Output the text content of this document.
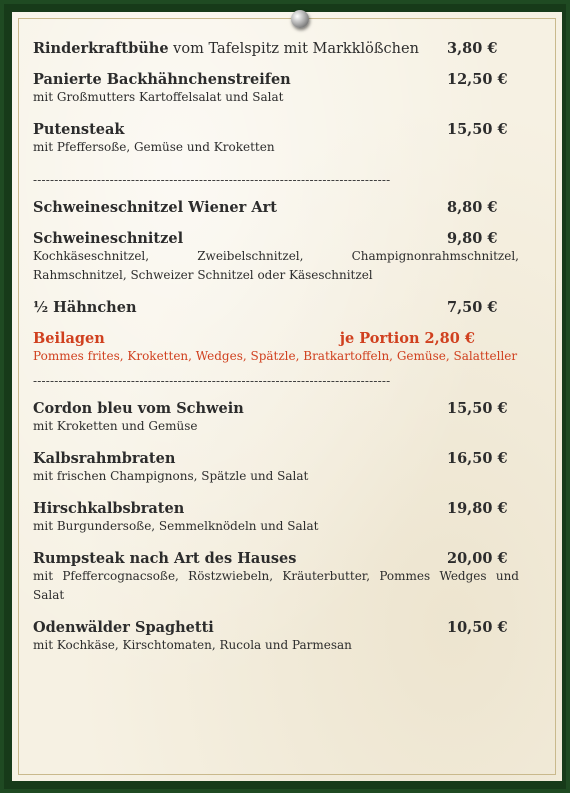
Rinderkraftbühe vom Tafelspitz mit Markklößchen 3,80 €
Panierte Backhähnchenstreifen	12,50 €
mit Großmutters Kartoffelsalat und Salat
Putensteak	15,50 €
mit Pfeffersoße, Gemüse und Kroketten
------------------------------------------------------------------------------------
Schweineschnitzel Wiener Art	8,80 €
Schweineschnitzel	9,80 €
Kochkäseschnitzel, Zweibelschnitzel, Champignonrahmschnitzel, Rahmschnitzel, Schweizer Schnitzel oder Käseschnitzel
½ Hähnchen	7,50 €
Beilagen	je Portion 2,80 €
Pommes frites, Kroketten, Wedges, Spätzle, Bratkartoffeln, Gemüse, Salatteller
------------------------------------------------------------------------------------
Cordon bleu vom Schwein	15,50 €
mit Kroketten und Gemüse
Kalbsrahmbraten	16,50 €
mit frischen Champignons, Spätzle und Salat
Hirschkalbsbraten	19,80 €
mit Burgundersoße, Semmelknödeln und Salat
Rumpsteak nach Art des Hauses	20,00 €
mit Pfeffercognacsoße, Röstzwiebeln, Kräuterbutter, Pommes Wedges und Salat
Odenwälder Spaghetti	10,50 €
mit Kochkäse, Kirschtomaten, Rucola und Parmesan
